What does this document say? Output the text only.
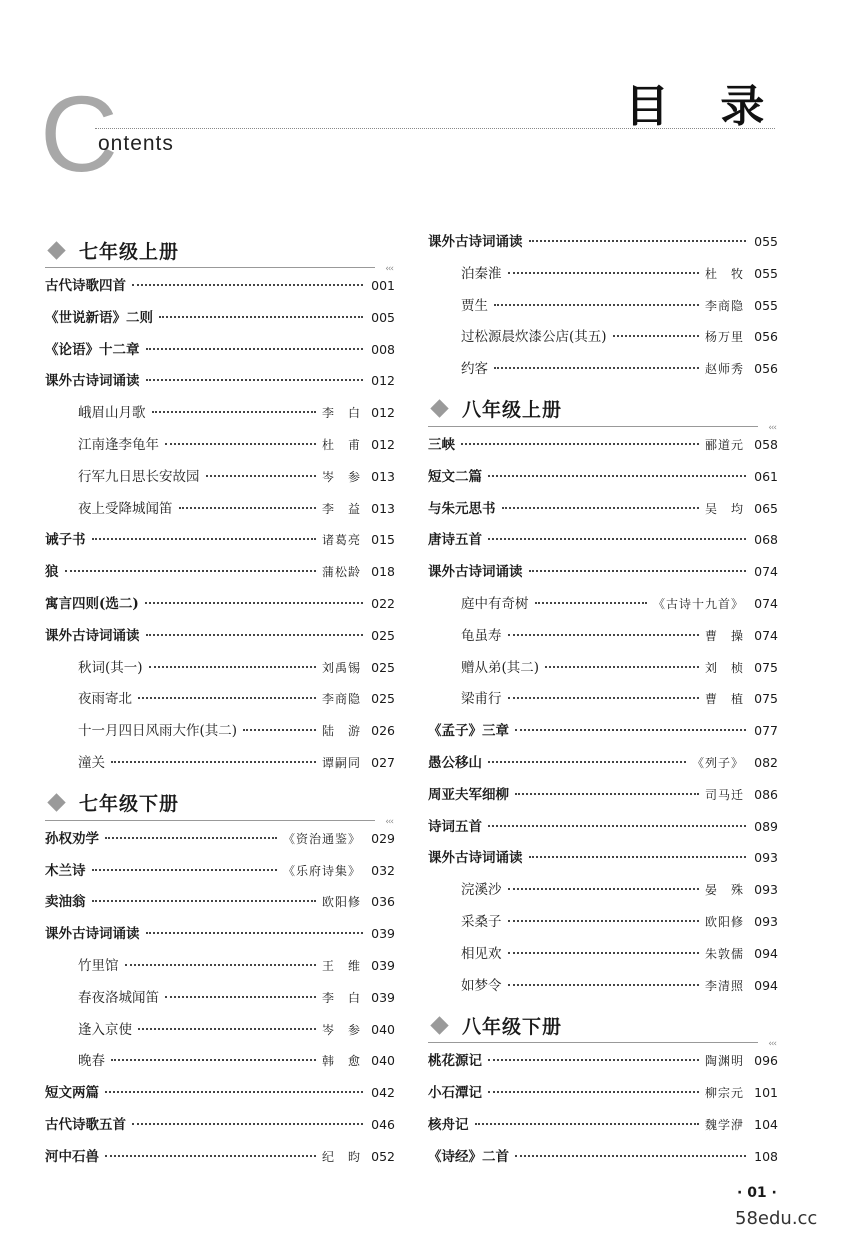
C
ontents
目 录
七年级上册
‹‹‹
古代诗歌四首	001
《世说新语》二则	005
《论语》十二章	008
课外古诗词诵读	012
峨眉山月歌	李　白 012
江南逢李龟年	杜　甫 012
行军九日思长安故园	岑　参 013
夜上受降城闻笛	李　益 013
诫子书	诸葛亮 015
狼	蒲松龄 018
寓言四则(选二)	022
课外古诗词诵读	025
秋词(其一)	刘禹锡 025
夜雨寄北	李商隐 025
十一月四日风雨大作(其二)	陆　游 026
潼关	谭嗣同 027
七年级下册
‹‹‹
孙权劝学	《资治通鉴》 029
木兰诗	《乐府诗集》 032
卖油翁	欧阳修 036
课外古诗词诵读	039
竹里馆	王　维 039
春夜洛城闻笛	李　白 039
逢入京使	岑　参 040
晚春	韩　愈 040
短文两篇	042
古代诗歌五首	046
河中石兽	纪　昀 052
课外古诗词诵读	055
泊秦淮	杜　牧 055
贾生	李商隐 055
过松源晨炊漆公店(其五)	杨万里 056
约客	赵师秀 056
八年级上册
‹‹‹
三峡	郦道元 058
短文二篇	061
与朱元思书	吴　均 065
唐诗五首	068
课外古诗词诵读	074
庭中有奇树	《古诗十九首》 074
龟虽寿	曹　操 074
赠从弟(其二)	刘　桢 075
梁甫行	曹　植 075
《孟子》三章	077
愚公移山	《列子》 082
周亚夫军细柳	司马迁 086
诗词五首	089
课外古诗词诵读	093
浣溪沙	晏　殊 093
采桑子	欧阳修 093
相见欢	朱敦儒 094
如梦令	李清照 094
八年级下册
‹‹‹
桃花源记	陶渊明 096
小石潭记	柳宗元 101
核舟记	魏学洢 104
《诗经》二首	108
· 01 ·
58edu.cc
